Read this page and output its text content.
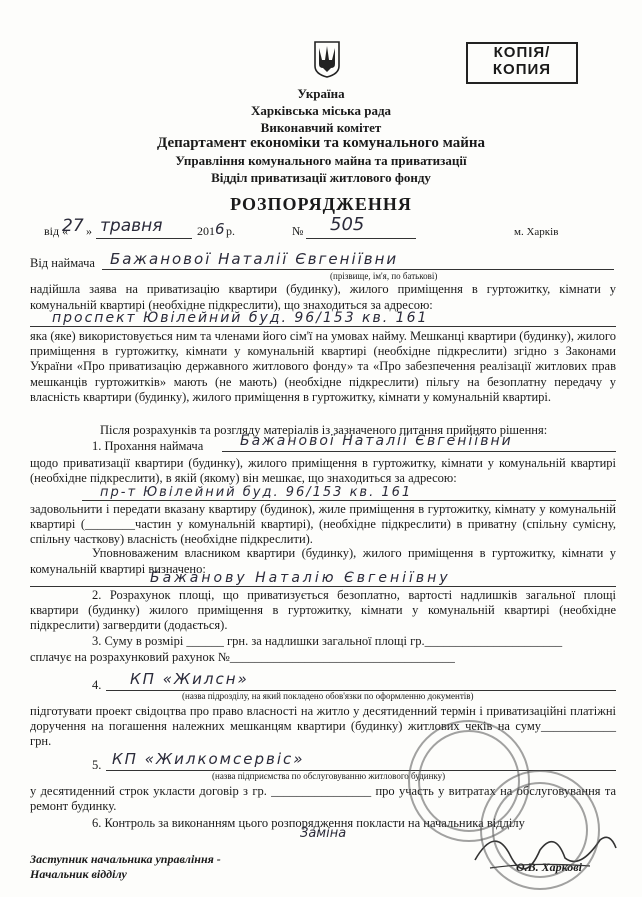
КОПІЯ/
КОПИЯ
Україна
Харківська міська рада
Виконавчий комітет
Департамент економіки та комунального майна
Управління комунального майна та приватизації
Відділ приватизації житлового фонду
РОЗПОРЯДЖЕННЯ
від «
27 » травня	201 6 р.	№ 505	м. Харків
Від наймача Бажанової Наталії Євгеніївни
(прізвище, ім'я, по батькові)
надійшла заява на приватизацію квартири (будинку), жилого приміщення в гуртожитку, кімнати у комунальній квартирі (необхідне підкреслити), що знаходиться за адресою:
проспект Ювілейний буд. 96/153 кв. 161
яка (яке) використовується ним та членами його сім'ї на умовах найму. Мешканці квартири (будинку), жилого приміщення в гуртожитку, кімнати у комунальній квартирі (необхідне підкреслити) згідно з Законами України «Про приватизацію державного житлового фонду» та «Про забезпечення реалізації житлових прав мешканців гуртожитків» мають (не мають) (необхідне підкреслити) пільгу на безоплатну передачу у власність квартири (будинку), жилого приміщення в гуртожитку, кімнати у комунальній квартирі.
Після розрахунків та розгляду матеріалів із зазначеного питання прийнято рішення:
1. Прохання наймача	Бажанової Наталії Євгеніївни
щодо приватизації квартири (будинку), жилого приміщення в гуртожитку, кімнати у комунальній квартирі (необхідне підкреслити), в якій (якому) він мешкає, що знаходиться за адресою:
пр-т Ювілейний буд. 96/153 кв. 161
задовольнити і передати вказану квартиру (будинок), жиле приміщення в гуртожитку, кімнату у комунальній квартирі (________частин у комунальній квартирі), (необхідне підкреслити) в приватну (спільну сумісну, спільну часткову) власність (необхідне підкреслити).
Уповноваженим власником квартири (будинку), жилого приміщення в гуртожитку, кімнати у комунальній квартирі визначено:
Бажанову Наталію Євгеніївну
2. Розрахунок площі, що приватизується безоплатно, вартості надлишків загальної площі квартири (будинку) жилого приміщення в гуртожитку, кімнати у комунальній квартирі (необхідне підкреслити) загвердити (додається).
3. Суму в розмірі ______ грн. за надлишки загальної площі гр.______________________
сплачує на розрахунковий рахунок №____________________________________
4. КП «Жилсн»
(назва підрозділу, на який покладено обов'язки по оформленню документів)
підготувати проект свідоцтва про право власності на житло у десятиденний термін і приватизаційні платіжні доручення на погашення належних мешканцям квартири (будинку) житлових чеків на суму____________ грн.
5. КП «Жилкомсервіс»
(назва підприємства по обслуговуванню житлового будинку)
у десятиденний строк укласти договір з гр. ________________ про участь у витратах на обслуговування та ремонт будинку.
6. Контроль за виконанням цього розпорядження покласти на начальника відділу
Заміна
Заступник начальника управління -
Начальник відділу	О.В. Харкові
